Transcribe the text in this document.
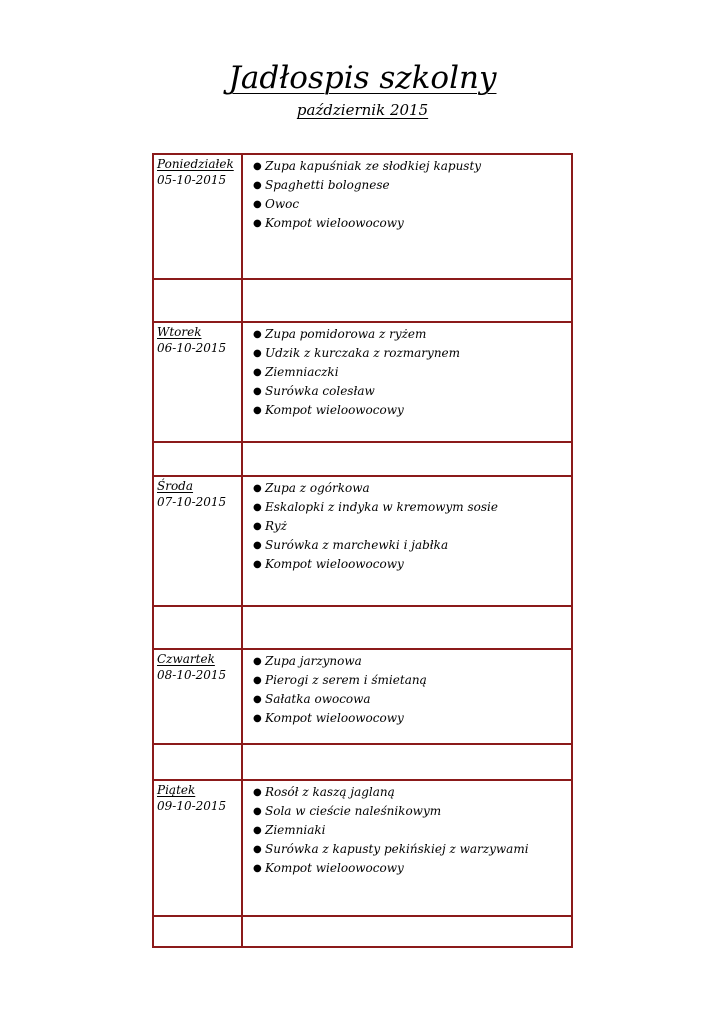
Jadłospis szkolny
październik 2015
Poniedziałek
05-10-2015
● Zupa kapuśniak ze słodkiej kapusty
● Spaghetti bolognese
● Owoc
● Kompot wieloowocowy
Wtorek
06-10-2015
● Zupa pomidorowa z ryżem
● Udzik z kurczaka z rozmarynem
● Ziemniaczki
● Surówka colesław
● Kompot wieloowocowy
Środa
07-10-2015
● Zupa z ogórkowa
● Eskalopki z indyka w kremowym sosie
● Ryż
● Surówka z marchewki i jabłka
● Kompot wieloowocowy
Czwartek
08-10-2015
● Zupa jarzynowa
● Pierogi z serem i śmietaną
● Sałatka owocowa
● Kompot wieloowocowy
Piątek
09-10-2015
● Rosół z kaszą jaglaną
● Sola w cieście naleśnikowym
● Ziemniaki
● Surówka z kapusty pekińskiej z warzywami
● Kompot wieloowocowy
